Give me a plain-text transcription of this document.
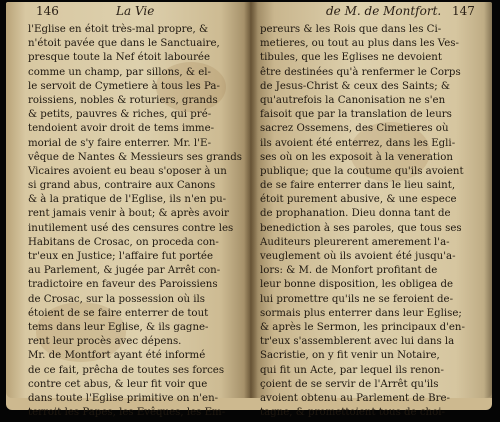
146	La Vie
l'Eglise en étoit très-mal propre, &
n'étoit pavée que dans le Sanctuaire,
presque toute la Nef étoit labourée
comme un champ, par sillons, & el-
le servoit de Cymetiere à tous les Pa-
roissiens, nobles & roturiers, grands
& petits, pauvres & riches, qui pré-
tendoient avoir droit de tems imme-
morial de s'y faire enterrer. Mr. l'E-
vêque de Nantes & Messieurs ses grands
Vicaires avoient eu beau s'oposer à un
si grand abus, contraire aux Canons
& à la pratique de l'Eglise, ils n'en pu-
rent jamais venir à bout; & après avoir
inutilement usé des censures contre les
Habitans de Crosac, on proceda con-
tr'eux en Justice; l'affaire fut portée
au Parlement, & jugée par Arrêt con-
tradictoire en faveur des Paroissiens
de Crosac, sur la possession où ils
étoient de se faire enterrer de tout
tems dans leur Eglise, & ils gagne-
rent leur procès avec dépens.
Mr. de Montfort ayant été informé
de ce fait, prêcha de toutes ses forces
contre cet abus, & leur fit voir que
dans toute l'Eglise primitive on n'en-
terroit les Papes, les Evêques, les Em-
de M. de Montfort. 147
pereurs & les Rois que dans les Ci-
metieres, ou tout au plus dans les Ves-
tibules, que les Eglises ne devoient
être destinées qu'à renfermer le Corps
de Jesus-Christ & ceux des Saints; &
qu'autrefois la Canonisation ne s'en
faisoit que par la translation de leurs
sacrez Ossemens, des Cimetieres où
ils avoient été enterrez, dans les Egli-
ses où on les exposoit à la veneration
publique; que la coutume qu'ils avoient
de se faire enterrer dans le lieu saint,
étoit purement abusive, & une espece
de prophanation. Dieu donna tant de
benediction à ses paroles, que tous ses
Auditeurs pleurerent amerement l'a-
veuglement où ils avoient été jusqu'a-
lors: & M. de Monfort profitant de
leur bonne disposition, les obligea de
lui promettre qu'ils ne se feroient de-
sormais plus enterrer dans leur Eglise;
& après le Sermon, les principaux d'en-
tr'eux s'assemblerent avec lui dans la
Sacristie, on y fit venir un Notaire,
qui fit un Acte, par lequel ils renon-
çoient de se servir de l'Arrêt qu'ils
avoient obtenu au Parlement de Bre-
tagne, & promettoient tous de choi-
